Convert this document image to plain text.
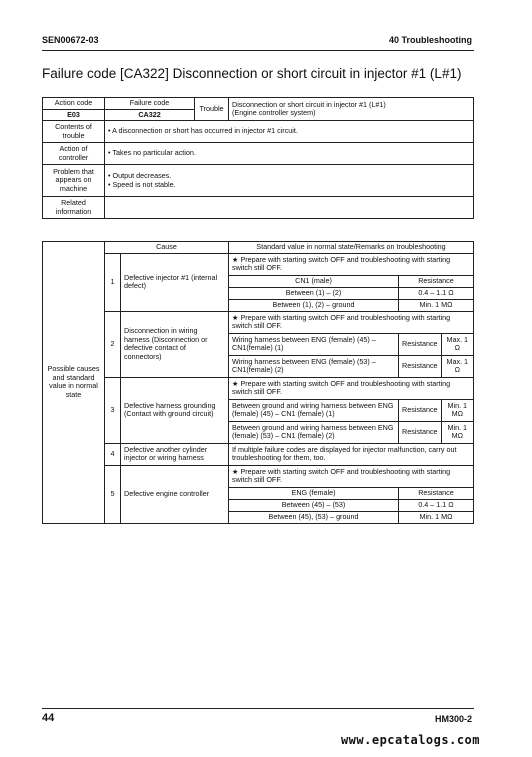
SEN00672-03	40 Troubleshooting
Failure code [CA322] Disconnection or short circuit in injector #1 (L#1)
Action code	Failure code	Trouble	Disconnection or short circuit in injector #1 (L#1)
(Engine controller system)

E03	CA322		
Contents of trouble	• A disconnection or short has occurred in injector #1 circuit.		
Action of controller	• Takes no particular action.		
Problem that appears on machine	• Output decreases.
• Speed is not stable.		

Related information			
Possible causes and standard value in normal state	Cause		Standard value in normal state/Remarks on troubleshooting		
	1	Defective injector #1 (internal defect)	★ Prepare with starting switch OFF and troubleshooting with starting switch still OFF.		
			CN1 (male)	Resistance	
			Between (1) – (2)	0.4 – 1.1 Ω	
			Between (1), (2) – ground	Min. 1 MΩ	
	2	Disconnection in wiring harness (Disconnection or defective contact of connectors)	★ Prepare with starting switch OFF and troubleshooting with starting switch still OFF.		
			Wiring harness between ENG (female) (45) – CN1(female) (1)	Resistance	Max. 1 Ω
			Wiring harness between ENG (female) (53) – CN1(female) (2)	Resistance	Max. 1 Ω
	3	Defective harness grounding (Contact with ground circuit)	★ Prepare with starting switch OFF and troubleshooting with starting switch still OFF.		
			Between ground and wiring harness between ENG (female) (45) – CN1 (female) (1)	Resistance	Min. 1 MΩ
			Between ground and wiring harness between ENG (female) (53) – CN1 (female) (2)	Resistance	Min. 1 MΩ
	4	Defective another cylinder injector or wiring harness	If multiple failure codes are displayed for injector malfunction, carry out troubleshooting for them, too.		
	5	Defective engine controller	★ Prepare with starting switch OFF and troubleshooting with starting switch still OFF.		
			ENG (female)	Resistance	
			Between (45) – (53)	0.4 – 1.1 Ω	
			Between (45), (53) – ground	Min. 1 MΩ	
44	HM300-2
www.epcatalogs.com
